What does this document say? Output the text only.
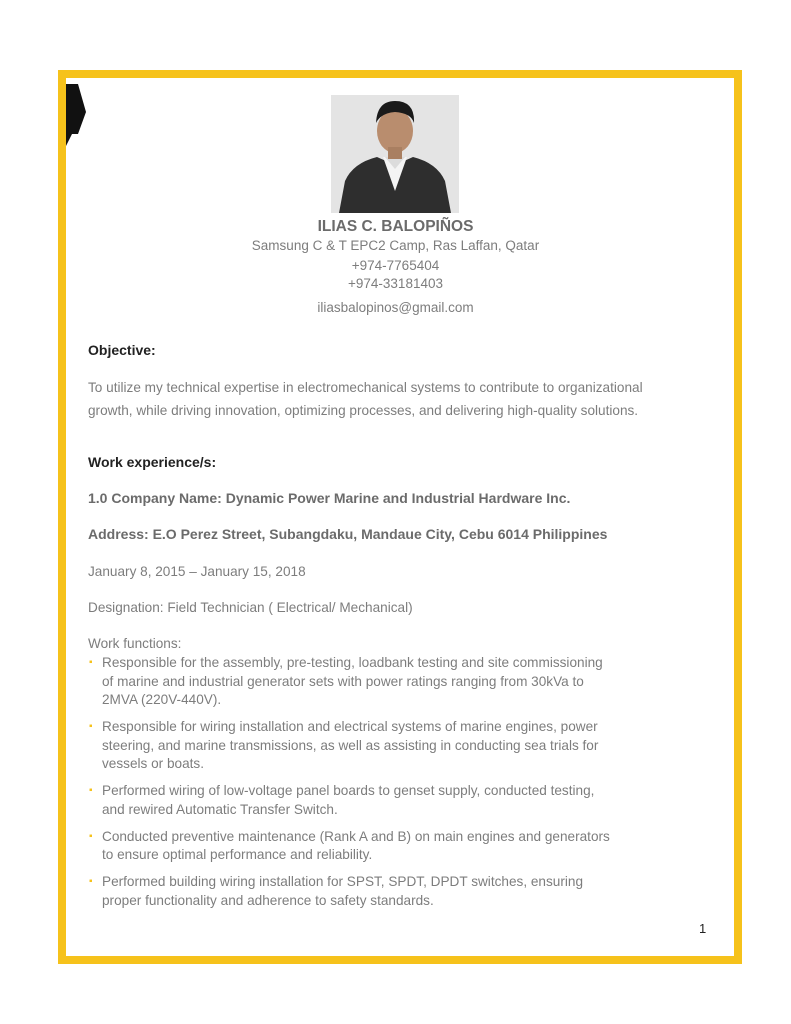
ILIAS C. BALOPIÑOS
Samsung C & T EPC2 Camp, Ras Laffan, Qatar
+974-7765404
+974-33181403
iliasbalopinos@gmail.com
Objective:
To utilize my technical expertise in electromechanical systems to contribute to organizational
growth, while driving innovation, optimizing processes, and delivering high-quality solutions.
Work experience/s:
1.0 Company Name: Dynamic Power Marine and Industrial Hardware Inc.
Address: E.O Perez Street, Subangdaku, Mandaue City, Cebu 6014 Philippines
January 8, 2015 – January 15, 2018
Designation: Field Technician ( Electrical/ Mechanical)
Work functions:
▪ Responsible for the assembly, pre-testing, loadbank testing and site commissioning
of marine and industrial generator sets with power ratings ranging from 30kVa to
2MVA (220V-440V).
▪ Responsible for wiring installation and electrical systems of marine engines, power
steering, and marine transmissions, as well as assisting in conducting sea trials for
vessels or boats.
▪ Performed wiring of low-voltage panel boards to genset supply, conducted testing,
and rewired Automatic Transfer Switch.
▪ Conducted preventive maintenance (Rank A and B) on main engines and generators
to ensure optimal performance and reliability.
▪ Performed building wiring installation for SPST, SPDT, DPDT switches, ensuring
proper functionality and adherence to safety standards.
1
